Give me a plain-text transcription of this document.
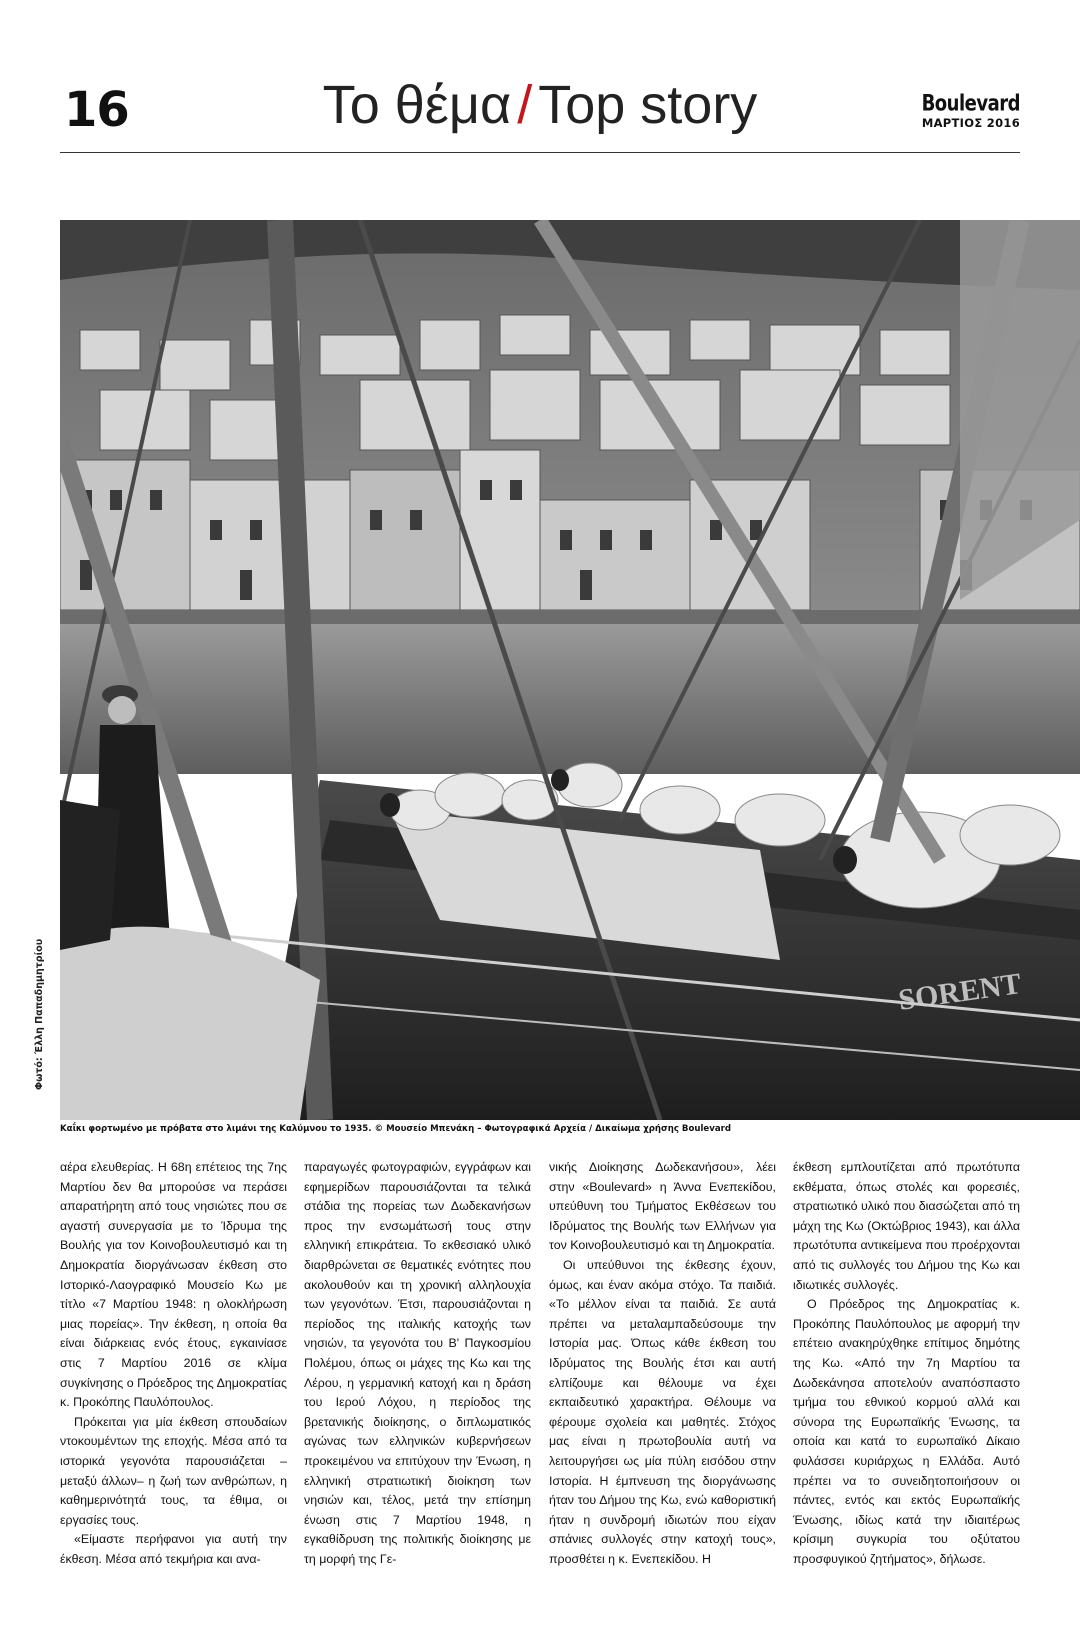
16	Το θέμα / Top story	Boulevard
ΜΑΡΤΙΟΣ 2016
SORENT
Φωτό: Έλλη Παπαδημητρίου
Καΐκι φορτωμένο με πρόβατα στο λιμάνι της Καλύμνου το 1935. © Μουσείο Μπενάκη – Φωτογραφικά Αρχεία / Δικαίωμα χρήσης Boulevard

αέρα ελευθερίας. Η 68η επέτειος της 7ης Μαρτίου δεν θα μπορούσε να περάσει απαρατήρητη από τους νησιώτες που σε αγαστή συνεργασία με το Ίδρυμα της Βουλής για τον Κοινοβουλευτισμό και τη Δημοκρατία διοργάνωσαν έκθεση στο Ιστορικό-Λαογραφικό Μουσείο Κω με τίτλο «7 Μαρτίου 1948: η ολοκλήρωση μιας πορείας». Την έκθεση, η οποία θα είναι διάρκειας ενός έτους, εγκαινίασε στις 7 Μαρτίου 2016 σε κλίμα συγκίνησης ο Πρόεδρος της Δημοκρατίας κ. Προκόπης Παυλόπουλος.

Πρόκειται για μία έκθεση σπουδαίων ντοκουμέντων της εποχής. Μέσα από τα ιστορικά γεγονότα παρουσιάζεται –μεταξύ άλλων– η ζωή των ανθρώπων, η καθημερινότητά τους, τα έθιμα, οι εργασίες τους.

«Είμαστε περήφανοι για αυτή την έκθεση. Μέσα από τεκμήρια και ανα-

παραγωγές φωτογραφιών, εγγράφων και εφημερίδων παρουσιάζονται τα τελικά στάδια της πορείας των Δωδεκανήσων προς την ενσωμάτωσή τους στην ελληνική επικράτεια. Το εκθεσιακό υλικό διαρθρώνεται σε θεματικές ενότητες που ακολουθούν και τη χρονική αλληλουχία των γεγονότων. Έτσι, παρουσιάζονται η περίοδος της ιταλικής κατοχής των νησιών, τα γεγονότα του Β' Παγκοσμίου Πολέμου, όπως οι μάχες της Κω και της Λέρου, η γερμανική κατοχή και η δράση του Ιερού Λόχου, η περίοδος της βρετανικής διοίκησης, ο διπλωματικός αγώνας των ελληνικών κυβερνήσεων προκειμένου να επιτύχουν την Ένωση, η ελληνική στρατιωτική διοίκηση των νησιών και, τέλος, μετά την επίσημη ένωση στις 7 Μαρτίου 1948, η εγκαθίδρυση της πολιτικής διοίκησης με τη μορφή της Γε-

νικής Διοίκησης Δωδεκανήσου», λέει στην «Boulevard» η Άννα Ενεπεκίδου, υπεύθυνη του Τμήματος Εκθέσεων του Ιδρύματος της Βουλής των Ελλήνων για τον Κοινοβουλευτισμό και τη Δημοκρατία.

Οι υπεύθυνοι της έκθεσης έχουν, όμως, και έναν ακόμα στόχο. Τα παιδιά. «Το μέλλον είναι τα παιδιά. Σε αυτά πρέπει να μεταλαμπαδεύσουμε την Ιστορία μας. Όπως κάθε έκθεση του Ιδρύματος της Βουλής έτσι και αυτή ελπίζουμε και θέλουμε να έχει εκπαιδευτικό χαρακτήρα. Θέλουμε να φέρουμε σχολεία και μαθητές. Στόχος μας είναι η πρωτοβουλία αυτή να λειτουργήσει ως μία πύλη εισόδου στην Ιστορία. Η έμπνευση της διοργάνωσης ήταν του Δήμου της Κω, ενώ καθοριστική ήταν η συνδρομή ιδιωτών που είχαν σπάνιες συλλογές στην κατοχή τους», προσθέτει η κ. Ενεπεκίδου. Η

έκθεση εμπλουτίζεται από πρωτότυπα εκθέματα, όπως στολές και φορεσιές, στρατιωτικό υλικό που διασώζεται από τη μάχη της Κω (Οκτώβριος 1943), και άλλα πρωτότυπα αντικείμενα που προέρχονται από τις συλλογές του Δήμου της Κω και ιδιωτικές συλλογές.

Ο Πρόεδρος της Δημοκρατίας κ. Προκόπης Παυλόπουλος με αφορμή την επέτειο ανακηρύχθηκε επίτιμος δημότης της Κω. «Από την 7η Μαρτίου τα Δωδεκάνησα αποτελούν αναπόσπαστο τμήμα του εθνικού κορμού αλλά και σύνορα της Ευρωπαϊκής Ένωσης, τα οποία και κατά το ευρωπαϊκό Δίκαιο φυλάσσει κυριάρχως η Ελλάδα. Αυτό πρέπει να το συνειδητοποιήσουν οι πάντες, εντός και εκτός Ευρωπαϊκής Ένωσης, ιδίως κατά την ιδιαιτέρως κρίσιμη συγκυρία του οξύτατου προσφυγικού ζητήματος», δήλωσε.
